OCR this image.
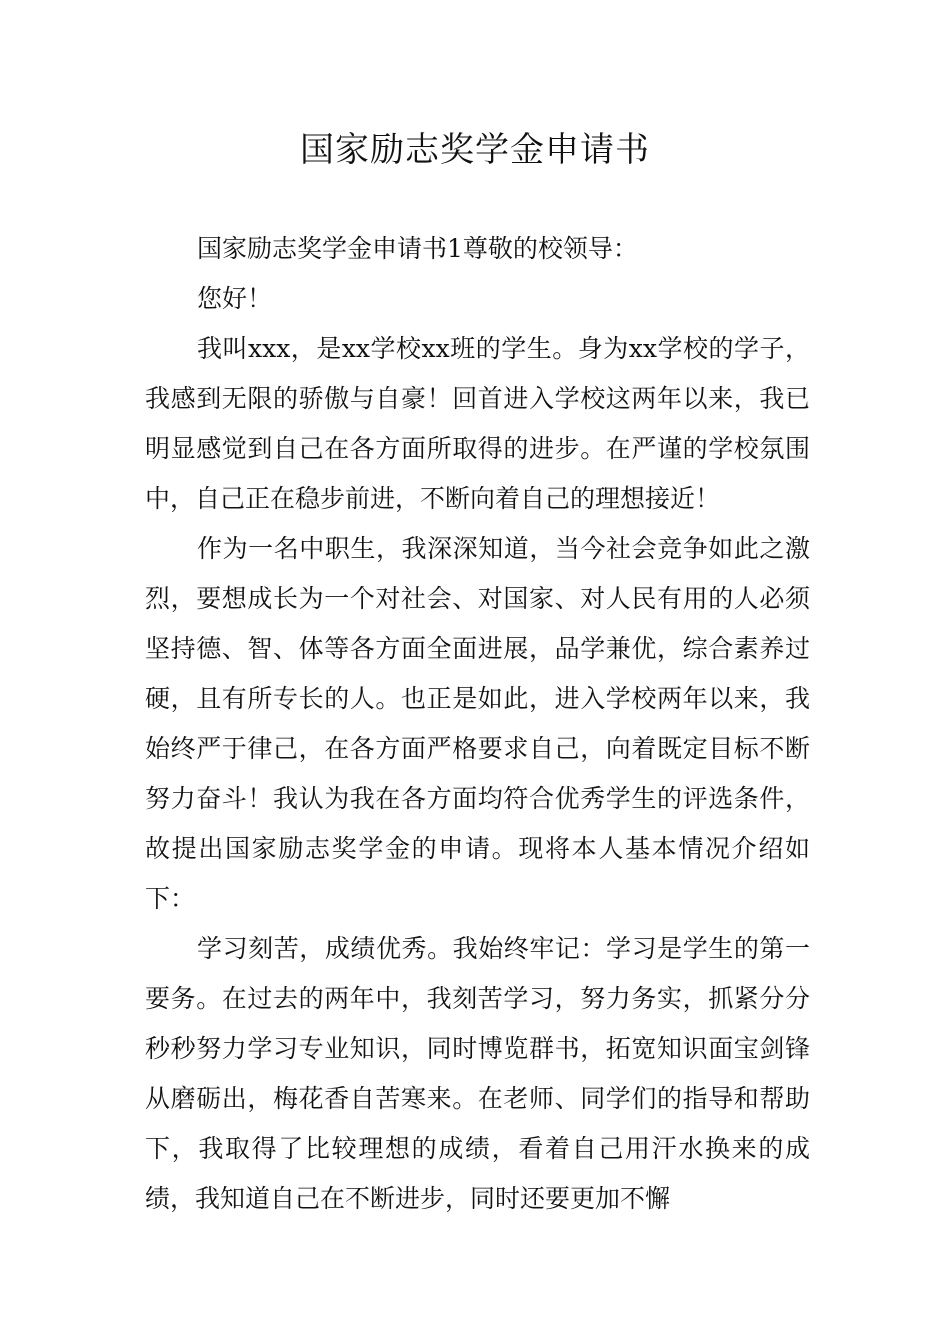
国家励志奖学金申请书

国家励志奖学金申请书1尊敬的校领导：

您好！

我叫xxx，是xx学校xx班的学生。身为xx学校的学子，我感到无限的骄傲与自豪！回首进入学校这两年以来，我已明显感觉到自己在各方面所取得的进步。在严谨的学校氛围中，自己正在稳步前进，不断向着自己的理想接近！

作为一名中职生，我深深知道，当今社会竞争如此之激烈，要想成长为一个对社会、对国家、对人民有用的人必须坚持德、智、体等各方面全面进展，品学兼优，综合素养过硬，且有所专长的人。也正是如此，进入学校两年以来，我始终严于律己，在各方面严格要求自己，向着既定目标不断努力奋斗！我认为我在各方面均符合优秀学生的评选条件，故提出国家励志奖学金的申请。现将本人基本情况介绍如下：

学习刻苦，成绩优秀。我始终牢记：学习是学生的第一要务。在过去的两年中，我刻苦学习，努力务实，抓紧分分秒秒努力学习专业知识，同时博览群书，拓宽知识面宝剑锋从磨砺出，梅花香自苦寒来。在老师、同学们的指导和帮助下，我取得了比较理想的成绩，看着自己用汗水换来的成绩，我知道自己在不断进步，同时还要更加不懈
